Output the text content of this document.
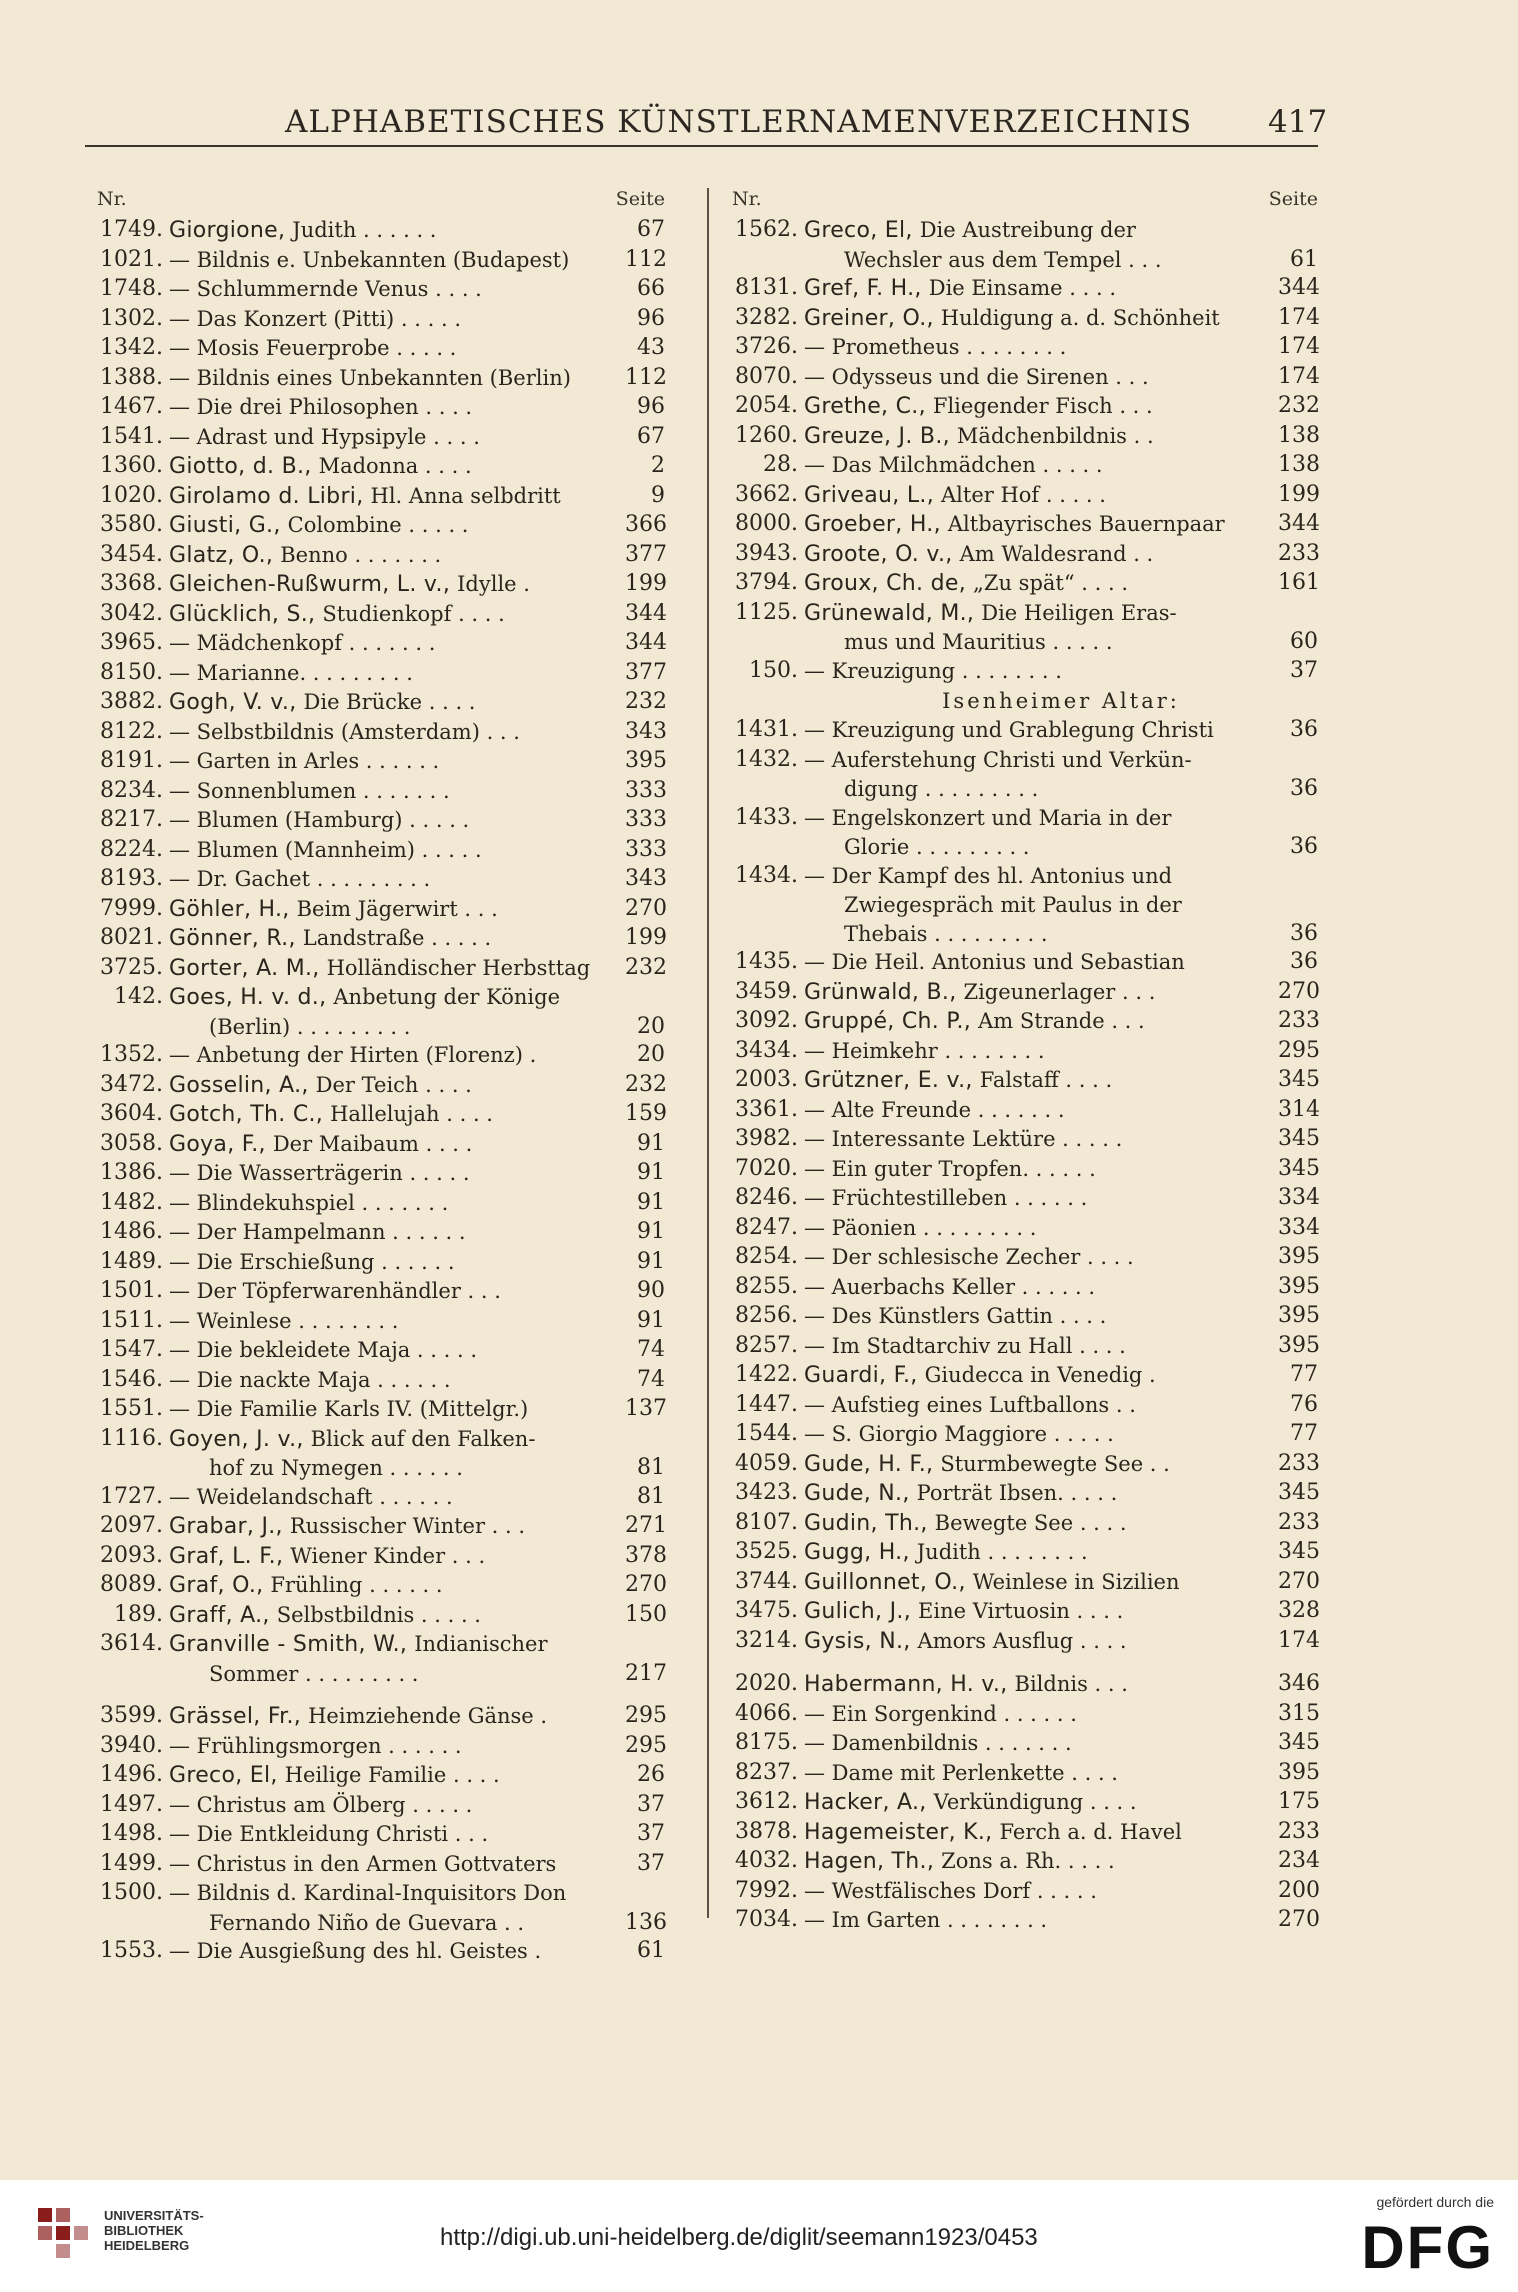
ALPHABETISCHES KÜNSTLERNAMENVERZEICHNIS 417
Nr.	Seite
1749. Giorgione, Judith . . . . . .	67
1021. — Bildnis e. Unbekannten (Budapest)	112
1748. — Schlummernde Venus . . . .	66
1302. — Das Konzert (Pitti) . . . . .	96
1342. — Mosis Feuerprobe . . . . .	43
1388. — Bildnis eines Unbekannten (Berlin) 112
1467. — Die drei Philosophen . . . .	96
1541. — Adrast und Hypsipyle . . . .	67
1360. Giotto, d. B., Madonna . . . .	2
1020. Girolamo d. Libri, Hl. Anna selbdritt	9
3580. Giusti, G., Colombine . . . . .	366
3454. Glatz, O., Benno . . . . . . .	377
3368. Gleichen-Rußwurm, L. v., Idylle .	199
3042. Glücklich, S., Studienkopf . . . .	344
3965. — Mädchenkopf . . . . . . .	344
8150. — Marianne. . . . . . . . .	377
3882. Gogh, V. v., Die Brücke . . . .	232
8122. — Selbstbildnis (Amsterdam) . . .	343
8191. — Garten in Arles . . . . . .	395
8234. — Sonnenblumen . . . . . . .	333
8217. — Blumen (Hamburg) . . . . .	333
8224. — Blumen (Mannheim) . . . . .	333
8193. — Dr. Gachet . . . . . . . . .	343
7999. Göhler, H., Beim Jägerwirt . . .	270
8021. Gönner, R., Landstraße . . . . .	199
3725. Gorter, A. M., Holländischer Herbsttag 232
142. Goes, H. v. d., Anbetung der Könige
(Berlin) . . . . . . . . .	20
1352. — Anbetung der Hirten (Florenz) .	20
3472. Gosselin, A., Der Teich . . . .	232
3604. Gotch, Th. C., Hallelujah . . . .	159
3058. Goya, F., Der Maibaum . . . .	91
1386. — Die Wasserträgerin . . . . .	91
1482. — Blindekuhspiel . . . . . . .	91
1486. — Der Hampelmann . . . . . .	91
1489. — Die Erschießung . . . . . .	91
1501. — Der Töpferwarenhändler . . .	90
1511. — Weinlese . . . . . . . .	91
1547. — Die bekleidete Maja . . . . .	74
1546. — Die nackte Maja . . . . . .	74
1551. — Die Familie Karls IV. (Mittelgr.)	137
1116. Goyen, J. v., Blick auf den Falken-
hof zu Nymegen . . . . . .	81
1727. — Weidelandschaft . . . . . .	81
2097. Grabar, J., Russischer Winter . . .	271
2093. Graf, L. F., Wiener Kinder . . .	378
8089. Graf, O., Frühling . . . . . .	270
189. Graff, A., Selbstbildnis . . . . .	150
3614. Granville - Smith, W., Indianischer
Sommer . . . . . . . . .	217
3599. Grässel, Fr., Heimziehende Gänse .	295
3940. — Frühlingsmorgen . . . . . .	295
1496. Greco, El, Heilige Familie . . . .	26
1497. — Christus am Ölberg . . . . .	37
1498. — Die Entkleidung Christi . . .	37
1499. — Christus in den Armen Gottvaters	37
1500. — Bildnis d. Kardinal-Inquisitors Don
Fernando Niño de Guevara . .	136
1553. — Die Ausgießung des hl. Geistes .	61
Nr.	Seite
1562. Greco, El, Die Austreibung der
Wechsler aus dem Tempel . . .	61
8131. Gref, F. H., Die Einsame . . . .	344
3282. Greiner, O., Huldigung a. d. Schönheit	174
3726. — Prometheus . . . . . . . .	174
8070. — Odysseus und die Sirenen . . .	174
2054. Grethe, C., Fliegender Fisch . . .	232
1260. Greuze, J. B., Mädchenbildnis . .	138
28. — Das Milchmädchen . . . . .	138
3662. Griveau, L., Alter Hof . . . . .	199
8000. Groeber, H., Altbayrisches Bauernpaar 344
3943. Groote, O. v., Am Waldesrand . .	233
3794. Groux, Ch. de, „Zu spät“ . . . .	161
1125. Grünewald, M., Die Heiligen Eras-
mus und Mauritius . . . . .	60
150. — Kreuzigung . . . . . . . .	37
Isenheimer Altar:
1431. — Kreuzigung und Grablegung Christi	36
1432. — Auferstehung Christi und Verkün-
digung . . . . . . . . .	36
1433. — Engelskonzert und Maria in der
Glorie . . . . . . . . .	36
1434. — Der Kampf des hl. Antonius und
Zwiegespräch mit Paulus in der
Thebais . . . . . . . . .	36
1435. — Die Heil. Antonius und Sebastian	36
3459. Grünwald, B., Zigeunerlager . . .	270
3092. Gruppé, Ch. P., Am Strande . . .	233
3434. — Heimkehr . . . . . . . .	295
2003. Grützner, E. v., Falstaff . . . .	345
3361. — Alte Freunde . . . . . . .	314
3982. — Interessante Lektüre . . . . .	345
7020. — Ein guter Tropfen. . . . . .	345
8246. — Früchtestilleben . . . . . .	334
8247. — Päonien . . . . . . . . .	334
8254. — Der schlesische Zecher . . . .	395
8255. — Auerbachs Keller . . . . . .	395
8256. — Des Künstlers Gattin . . . .	395
8257. — Im Stadtarchiv zu Hall . . . .	395
1422. Guardi, F., Giudecca in Venedig .	77
1447. — Aufstieg eines Luftballons . .	76
1544. — S. Giorgio Maggiore . . . . .	77
4059. Gude, H. F., Sturmbewegte See . .	233
3423. Gude, N., Porträt Ibsen. . . . .	345
8107. Gudin, Th., Bewegte See . . . .	233
3525. Gugg, H., Judith . . . . . . . .	345
3744. Guillonnet, O., Weinlese in Sizilien	270
3475. Gulich, J., Eine Virtuosin . . . .	328
3214. Gysis, N., Amors Ausflug . . . .	174
2020. Habermann, H. v., Bildnis . . .	346
4066. — Ein Sorgenkind . . . . . .	315
8175. — Damenbildnis . . . . . . .	345
8237. — Dame mit Perlenkette . . . .	395
3612. Hacker, A., Verkündigung . . . .	175
3878. Hagemeister, K., Ferch a. d. Havel	233
4032. Hagen, Th., Zons a. Rh. . . . .	234
7992. — Westfälisches Dorf . . . . .	200
7034. — Im Garten . . . . . . . .	270
UNIVERSITÄTS-
BIBLIOTHEK
HEIDELBERG	http://digi.ub.uni-heidelberg.de/diglit/seemann1923/0453
gefördert durch die
DFG
